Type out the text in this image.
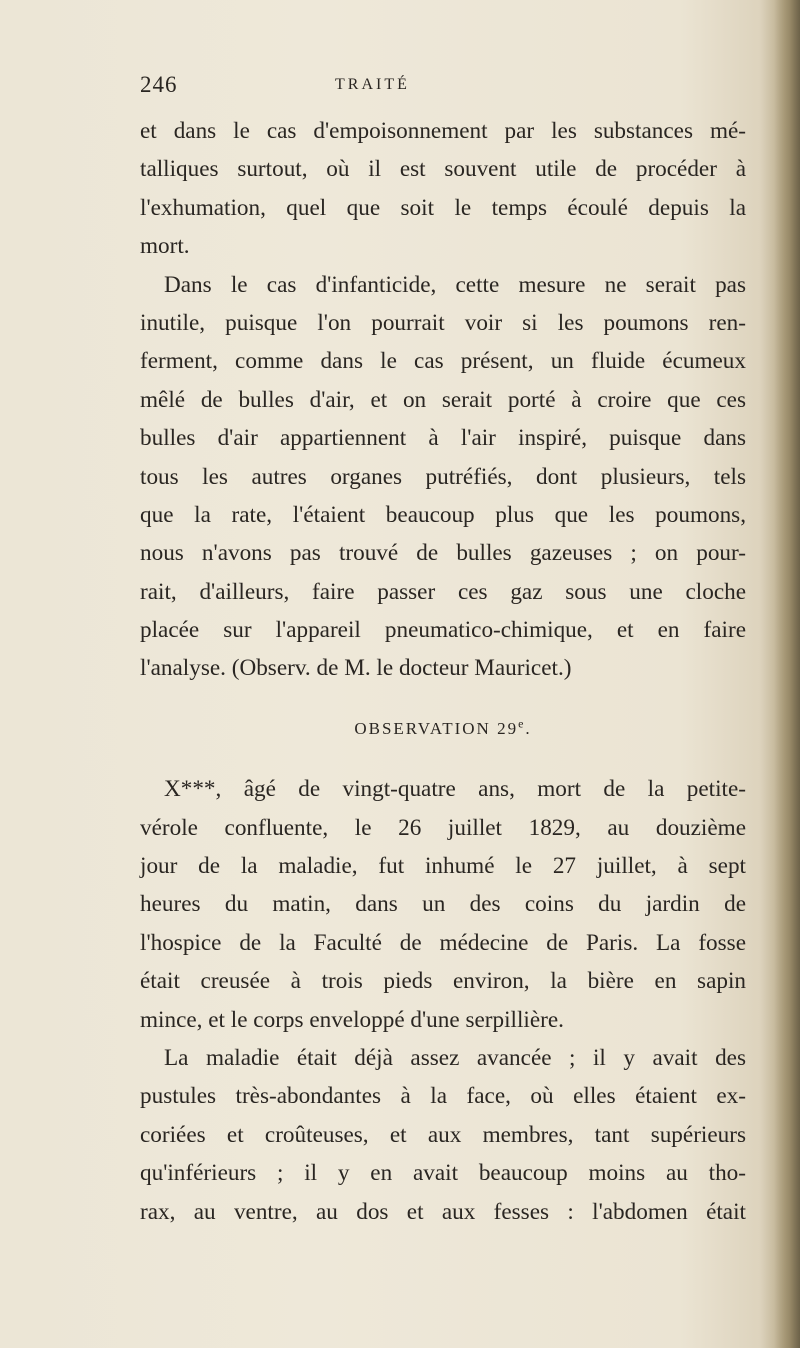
246	TRAITÉ
et dans le cas d'empoisonnement par les substances mé-
talliques surtout, où il est souvent utile de procéder à
l'exhumation, quel que soit le temps écoulé depuis la
mort.
Dans le cas d'infanticide, cette mesure ne serait pas
inutile, puisque l'on pourrait voir si les poumons ren-
ferment, comme dans le cas présent, un fluide écumeux
mêlé de bulles d'air, et on serait porté à croire que ces
bulles d'air appartiennent à l'air inspiré, puisque dans
tous les autres organes putréfiés, dont plusieurs, tels
que la rate, l'étaient beaucoup plus que les poumons,
nous n'avons pas trouvé de bulles gazeuses ; on pour-
rait, d'ailleurs, faire passer ces gaz sous une cloche
placée sur l'appareil pneumatico-chimique, et en faire
l'analyse. (Observ. de M. le docteur Mauricet.)
OBSERVATION 29e.
X***, âgé de vingt-quatre ans, mort de la petite-
vérole confluente, le 26 juillet 1829, au douzième
jour de la maladie, fut inhumé le 27 juillet, à sept
heures du matin, dans un des coins du jardin de
l'hospice de la Faculté de médecine de Paris. La fosse
était creusée à trois pieds environ, la bière en sapin
mince, et le corps enveloppé d'une serpillière.
La maladie était déjà assez avancée ; il y avait des
pustules très-abondantes à la face, où elles étaient ex-
coriées et croûteuses, et aux membres, tant supérieurs
qu'inférieurs ; il y en avait beaucoup moins au tho-
rax, au ventre, au dos et aux fesses : l'abdomen était
